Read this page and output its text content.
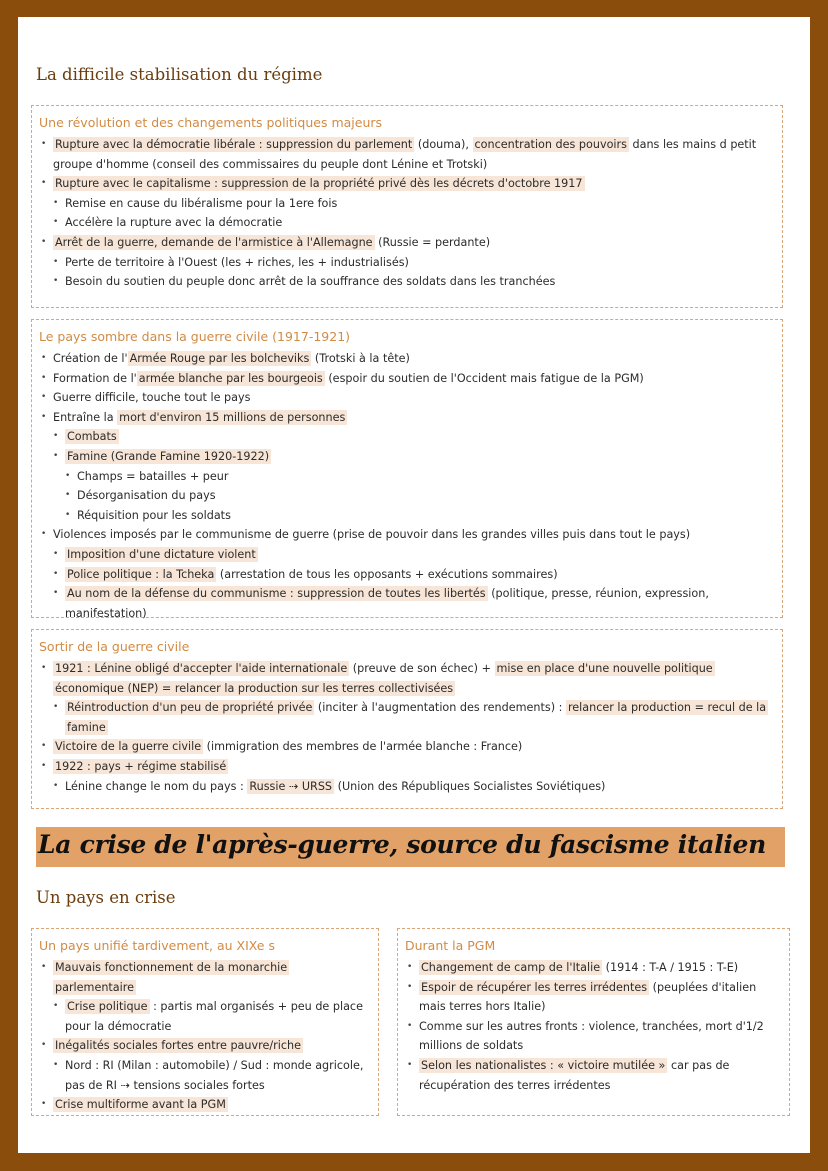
La difficile stabilisation du régime
Une révolution et des changements politiques majeurs
• Rupture avec la démocratie libérale : suppression du parlement (douma), concentration des pouvoirs dans les mains d petit groupe d'homme (conseil des commissaires du peuple dont Lénine et Trotski)
• Rupture avec le capitalisme : suppression de la propriété privé dès les décrets d'octobre 1917
• Remise en cause du libéralisme pour la 1ere fois
• Accélère la rupture avec la démocratie
• Arrêt de la guerre, demande de l'armistice à l'Allemagne (Russie = perdante)
• Perte de territoire à l'Ouest (les + riches, les + industrialisés)
• Besoin du soutien du peuple donc arrêt de la souffrance des soldats dans les tranchées
Le pays sombre dans la guerre civile (1917-1921)
• Création de l' Armée Rouge par les bolcheviks (Trotski à la tête)
• Formation de l' armée blanche par les bourgeois (espoir du soutien de l'Occident mais fatigue de la PGM)
• Guerre difficile, touche tout le pays
• Entraîne la mort d'environ 15 millions de personnes
• Combats
• Famine (Grande Famine 1920-1922)
• Champs = batailles + peur
• Désorganisation du pays
• Réquisition pour les soldats
• Violences imposés par le communisme de guerre (prise de pouvoir dans les grandes villes puis dans tout le pays)
• Imposition d'une dictature violent
• Police politique : la Tcheka (arrestation de tous les opposants + exécutions sommaires)
• Au nom de la défense du communisme : suppression de toutes les libertés (politique, presse, réunion, expression, manifestation)
Sortir de la guerre civile
• 1921 : Lénine obligé d'accepter l'aide internationale (preuve de son échec) + mise en place d'une nouvelle politique économique (NEP) = relancer la production sur les terres collectivisées
• Réintroduction d'un peu de propriété privée (inciter à l'augmentation des rendements) : relancer la production = recul de la famine
• Victoire de la guerre civile (immigration des membres de l'armée blanche : France)
• 1922 : pays + régime stabilisé
• Lénine change le nom du pays : Russie ⇢ URSS (Union des Républiques Socialistes Soviétiques)
La crise de l'après-guerre, source du fascisme italien
Un pays en crise
Un pays unifié tardivement, au XIXe s
• Mauvais fonctionnement de la monarchie parlementaire
• Crise politique : partis mal organisés + peu de place pour la démocratie
• Inégalités sociales fortes entre pauvre/riche
• Nord : RI (Milan : automobile) / Sud : monde agricole, pas de RI ⇢ tensions sociales fortes
• Crise multiforme avant la PGM
Durant la PGM
• Changement de camp de l'Italie (1914 : T-A / 1915 : T-E)
• Espoir de récupérer les terres irrédentes (peuplées d'italien mais terres hors Italie)
• Comme sur les autres fronts : violence, tranchées, mort d'1/2 millions de soldats
• Selon les nationalistes : « victoire mutilée » car pas de récupération des terres irrédentes
